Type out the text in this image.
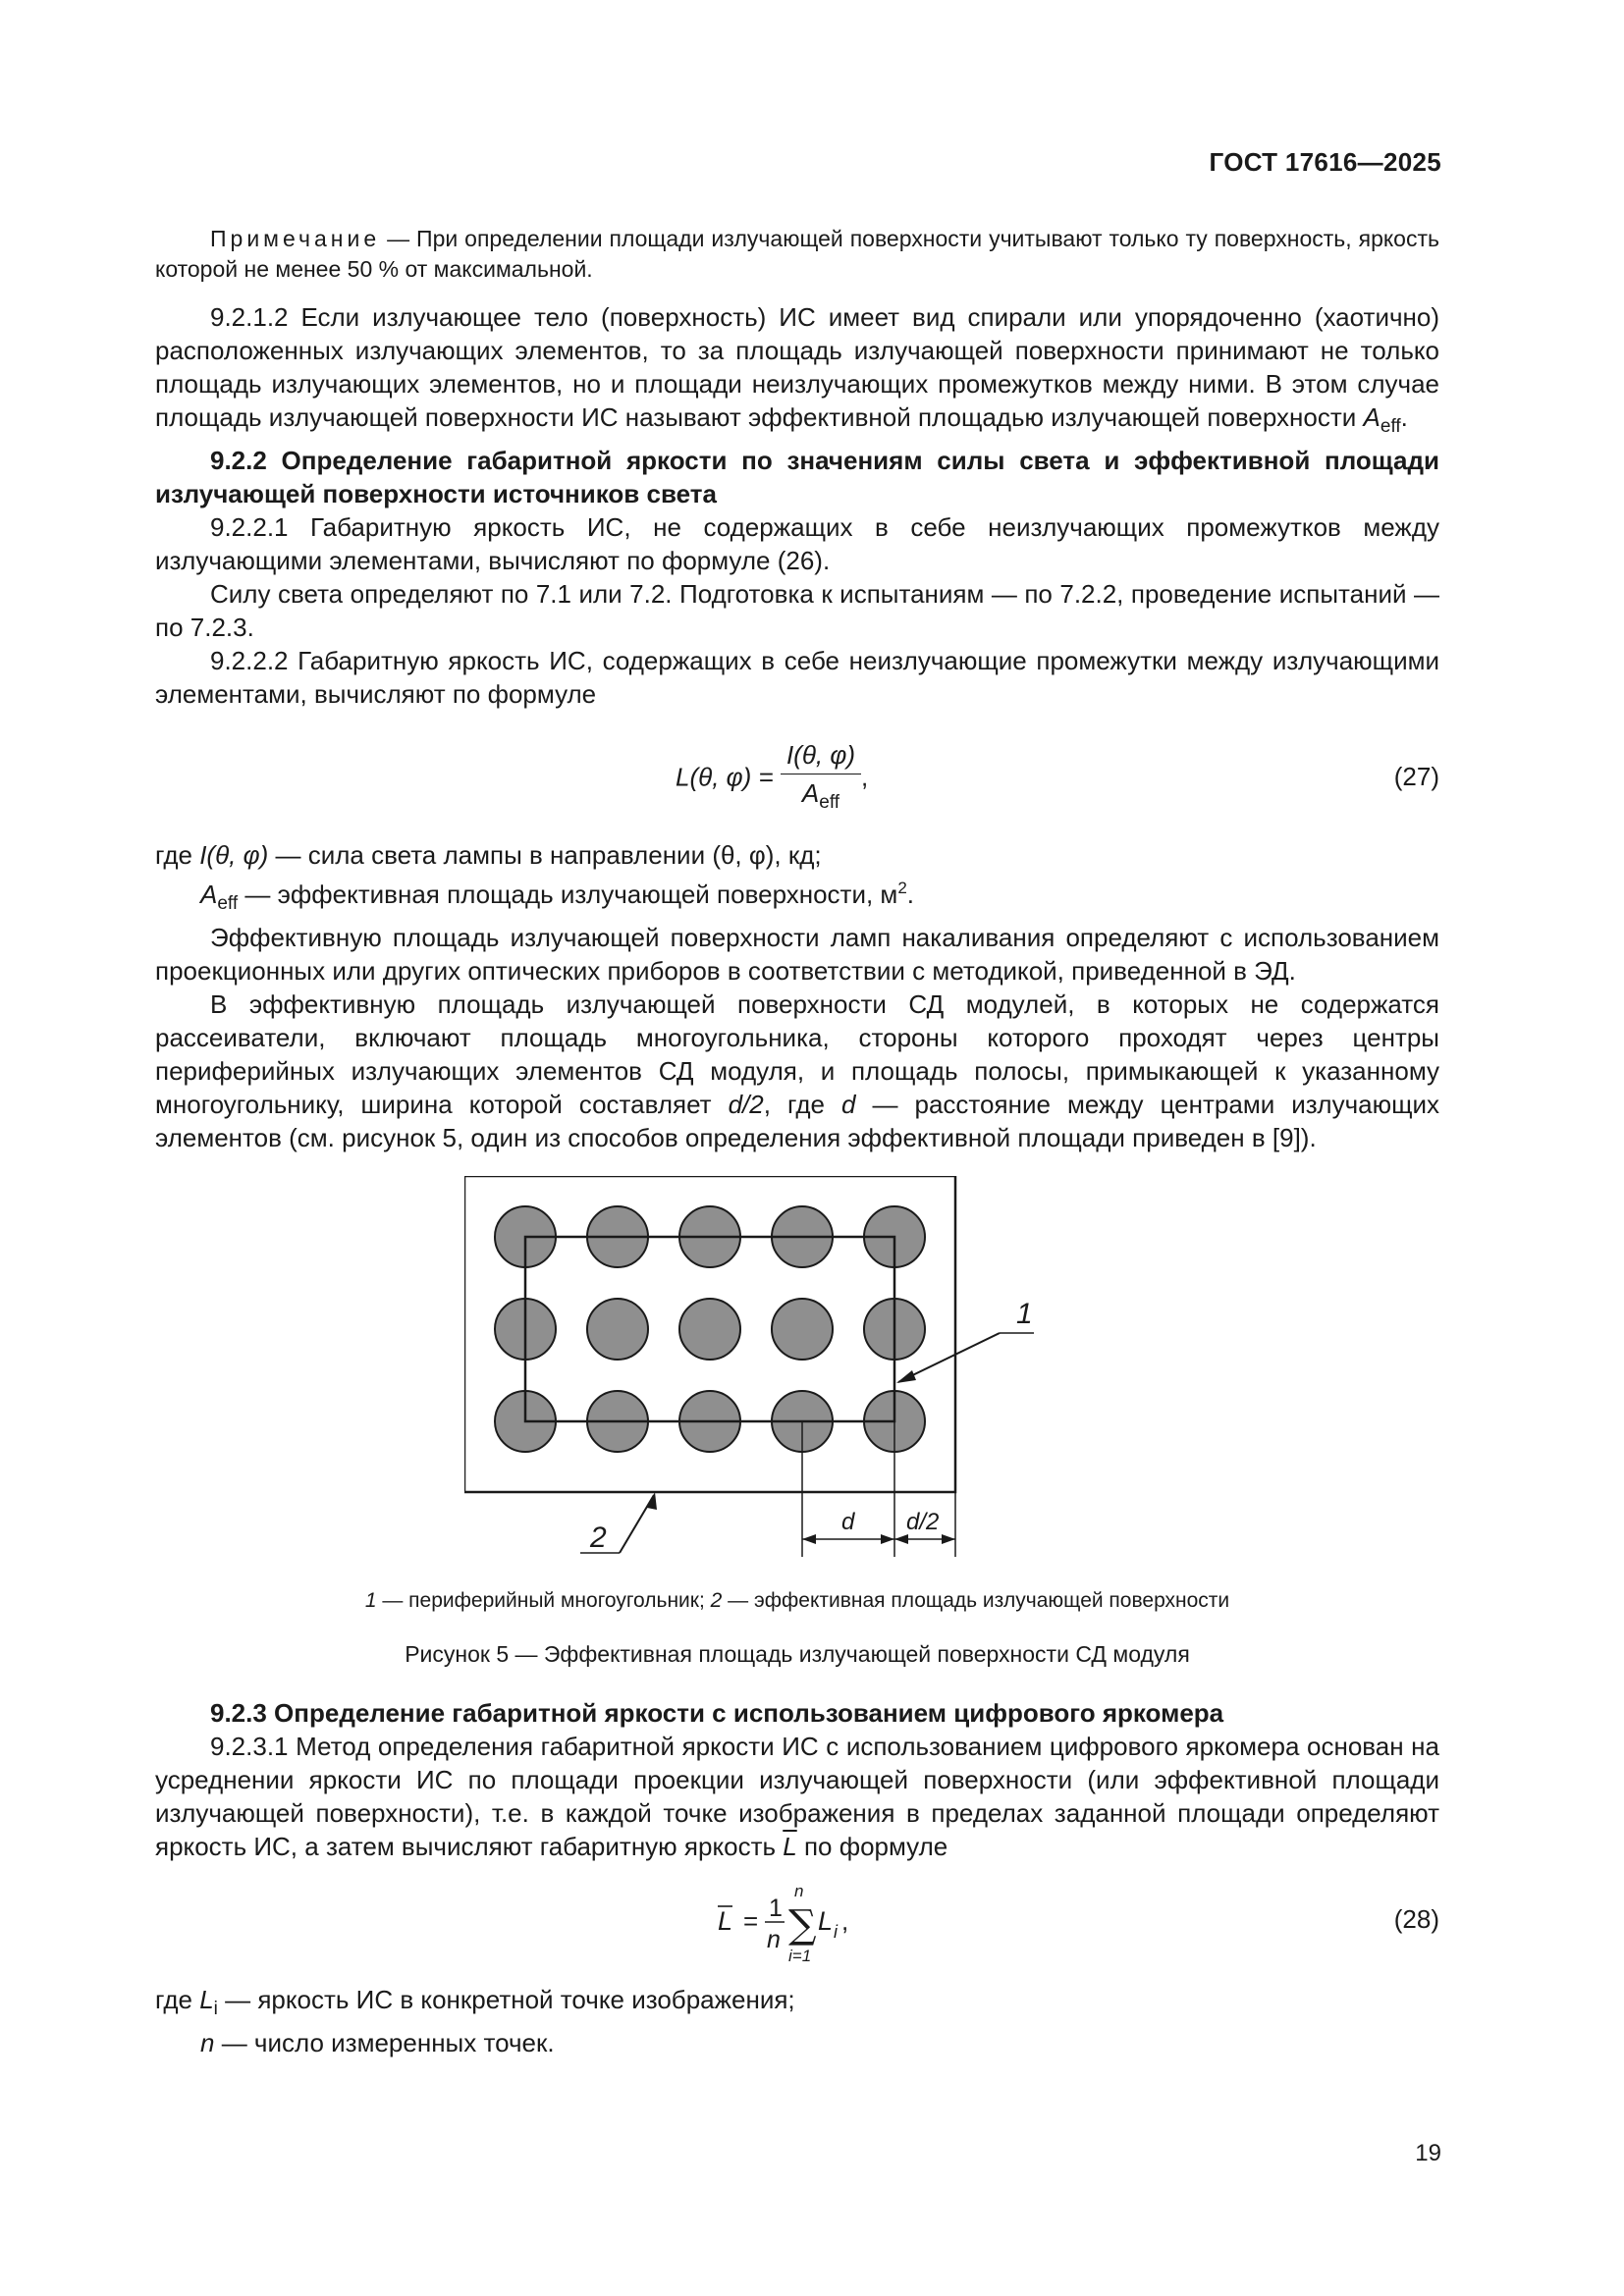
ГОСТ 17616—2025

Примечание — При определении площади излучающей поверхности учитывают только ту поверхность, яркость которой не менее 50 % от максимальной.

9.2.1.2 Если излучающее тело (поверхность) ИС имеет вид спирали или упорядоченно (хаотично) расположенных излучающих элементов, то за площадь излучающей поверхности принимают не только площадь излучающих элементов, но и площади неизлучающих промежутков между ними. В этом случае площадь излучающей поверхности ИС называют эффективной площадью излучающей поверхности $A_{eff}$.

9.2.2 Определение габаритной яркости по значениям силы света и эффективной площади излучающей поверхности источников света

9.2.2.1 Габаритную яркость ИС, не содержащих в себе неизлучающих промежутков между излучающими элементами, вычисляют по формуле (26).

Силу света определяют по 7.1 или 7.2. Подготовка к испытаниям — по 7.2.2, проведение испытаний — по 7.2.3.

9.2.2.2 Габаритную яркость ИС, содержащих в себе неизлучающие промежутки между излучающими элементами, вычисляют по формуле

L(θ, $\varphi) = \frac{I(\theta, \varphi)}{A_{eff}}$ ,	(27)
где I(θ, φ) — сила света лампы в направлении (θ, φ), кд;
$A_{eff}$ — эффективная площадь излучающей поверхности, $м^2$.

Эффективную площадь излучающей поверхности ламп накаливания определяют с использованием проекционных или других оптических приборов в соответствии с методикой, приведенной в ЭД.

В эффективную площадь излучающей поверхности СД модулей, в которых не содержатся рассеиватели, включают площадь многоугольника, стороны которого проходят через центры периферийных излучающих элементов СД модуля, и площадь полосы, примыкающей к указанному многоугольнику, ширина которой составляет d/2, где d — расстояние между центрами излучающих элементов (см. рисунок 5, один из способов определения эффективной площади приведен в [9]).

1
2	d d/2
1 — периферийный многоугольник; 2 — эффективная площадь излучающей поверхности
Рисунок 5 — Эффективная площадь излучающей поверхности СД модуля

9.2.3 Определение габаритной яркости с использованием цифрового яркомера

9.2.3.1 Метод определения габаритной яркости ИС с использованием цифрового яркомера основан на усреднении яркости ИС по площади проекции излучающей поверхности (или эффективной площади излучающей поверхности), т.е. в каждой точке изображения в пределах заданной площади определяют яркость ИС, а затем вычисляют габаритную яркость $\overline{L}$ по формуле

L = 1
n ∑
n
i=1
L i ,	(28)
где $L_i$ — яркость ИС в конкретной точке изображения;
n — число измеренных точек.
19
